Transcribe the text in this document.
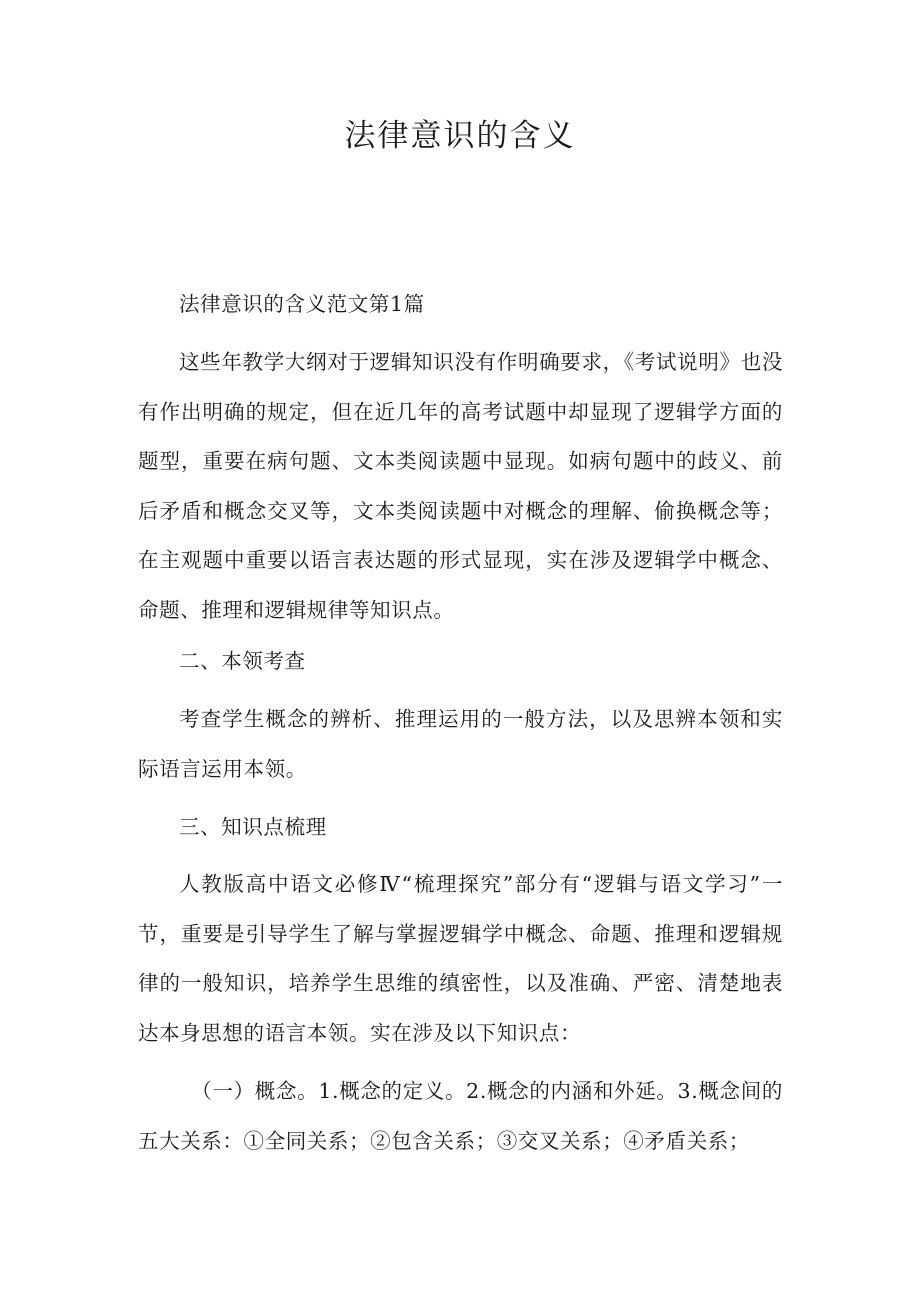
法律意识的含义

法律意识的含义范文第1篇

这些年教学大纲对于逻辑知识没有作明确要求，《考试说明》也没有作出明确的规定，但在近几年的高考试题中却显现了逻辑学方面的题型，重要在病句题、文本类阅读题中显现。如病句题中的歧义、前后矛盾和概念交叉等，文本类阅读题中对概念的理解、偷换概念等；在主观题中重要以语言表达题的形式显现，实在涉及逻辑学中概念、命题、推理和逻辑规律等知识点。

二、本领考查

考查学生概念的辨析、推理运用的一般方法，以及思辨本领和实际语言运用本领。

三、知识点梳理

人教版高中语文必修Ⅳ“梳理探究”部分有“逻辑与语文学习”一节，重要是引导学生了解与掌握逻辑学中概念、命题、推理和逻辑规律的一般知识，培养学生思维的缜密性，以及准确、严密、清楚地表达本身思想的语言本领。实在涉及以下知识点：

（一）概念。1.概念的定义。2.概念的内涵和外延。3.概念间的五大关系：①全同关系；②包含关系；③交叉关系；④矛盾关系；
